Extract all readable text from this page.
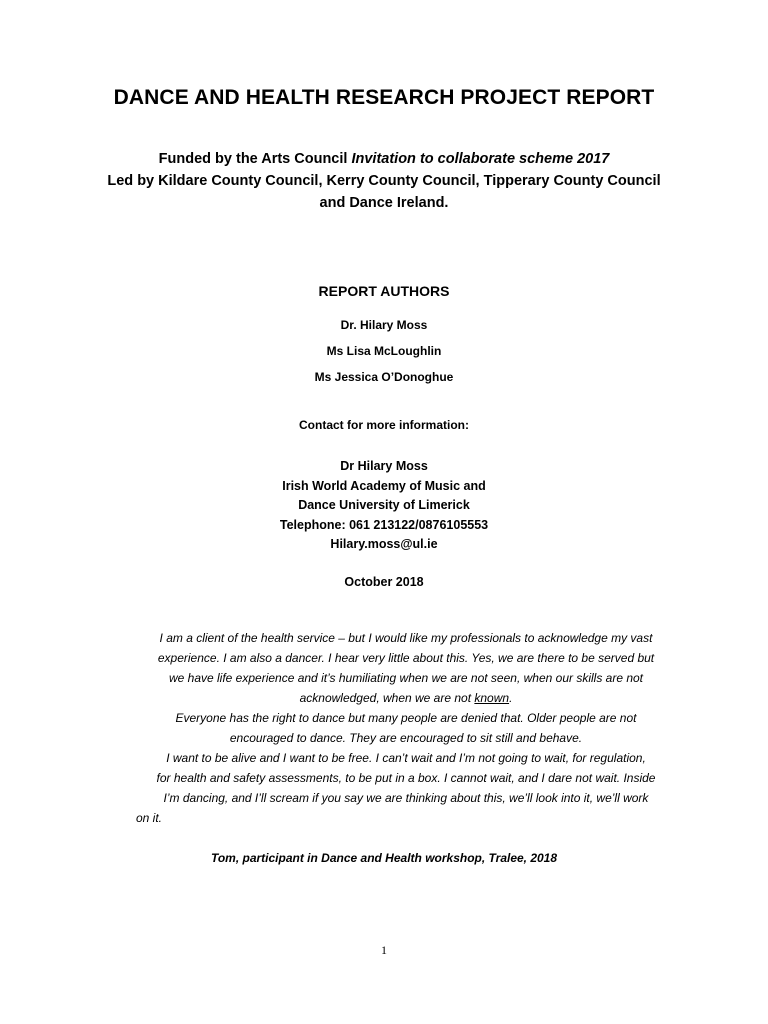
DANCE AND HEALTH RESEARCH PROJECT REPORT
Funded by the Arts Council Invitation to collaborate scheme 2017
Led by Kildare County Council, Kerry County Council, Tipperary County Council
and Dance Ireland.
REPORT AUTHORS
Dr. Hilary Moss
Ms Lisa McLoughlin
Ms Jessica O’Donoghue
Contact for more information:
Dr Hilary Moss
Irish World Academy of Music and
Dance University of Limerick
Telephone: 061 213122/0876105553
Hilary.moss@ul.ie
October 2018
I am a client of the health service – but I would like my professionals to acknowledge my vast
experience. I am also a dancer. I hear very little about this. Yes, we are there to be served but
we have life experience and it’s humiliating when we are not seen, when our skills are not
acknowledged, when we are not known.
Everyone has the right to dance but many people are denied that. Older people are not
encouraged to dance. They are encouraged to sit still and behave.
I want to be alive and I want to be free. I can’t wait and I’m not going to wait, for regulation,
for health and safety assessments, to be put in a box. I cannot wait, and I dare not wait. Inside
I’m dancing, and I’ll scream if you say we are thinking about this, we’ll look into it, we’ll work
on it.
Tom, participant in Dance and Health workshop, Tralee, 2018
1
